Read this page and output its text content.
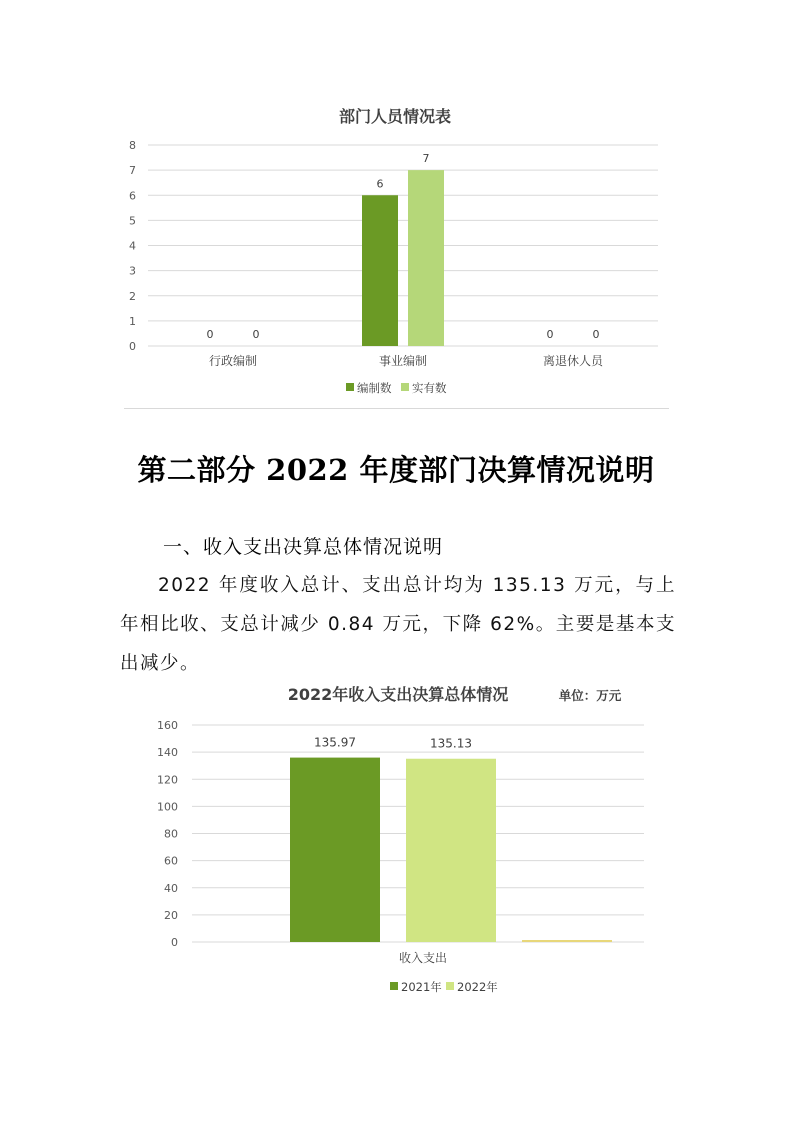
部门人员情况表
0
1
2
3
4
5
6
7
8
0	0
6
7
0	0
行政编制	事业编制	离退休人员
编制数 实有数
第二部分 2022 年度部门决算情况说明
一、收入支出决算总体情况说明

2022 年度收入总计、支出总计均为 135.13 万元，与上年相比收、支总计减少 0.84 万元，下降 62%。主要是基本支出减少。

2022年收入支出决算总体情况	单位：万元
0
20
40
60
80
100
120
140
160
135.97	135.13
收入支出
2021年 2022年
